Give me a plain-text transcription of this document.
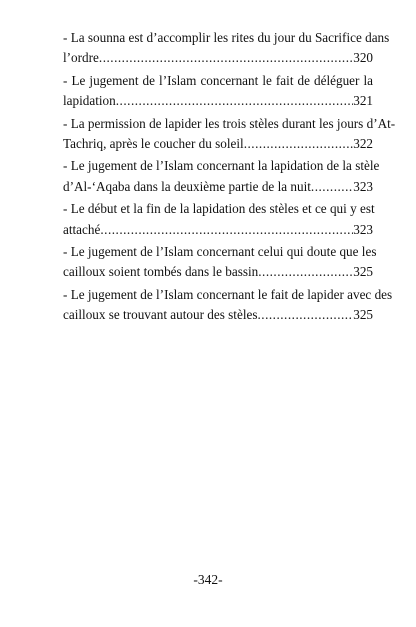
- La sounna est d’accomplir les rites du jour du Sacrifice dans
l’ordre .....	320
- Le jugement de l’Islam concernant le fait de déléguer la
lapidation .....	321
- La permission de lapider les trois stèles durant les jours d’At-
Tachriq, après le coucher du soleil .....	322
- Le jugement de l’Islam concernant la lapidation de la stèle
d’Al-‘Aqaba dans la deuxième partie de la nuit .....	323
- Le début et la fin de la lapidation des stèles et ce qui y est
attaché .....	323
- Le jugement de l’Islam concernant celui qui doute que les
cailloux soient tombés dans le bassin .....	325
- Le jugement de l’Islam concernant le fait de lapider avec des
cailloux se trouvant autour des stèles .....	325
-342-
